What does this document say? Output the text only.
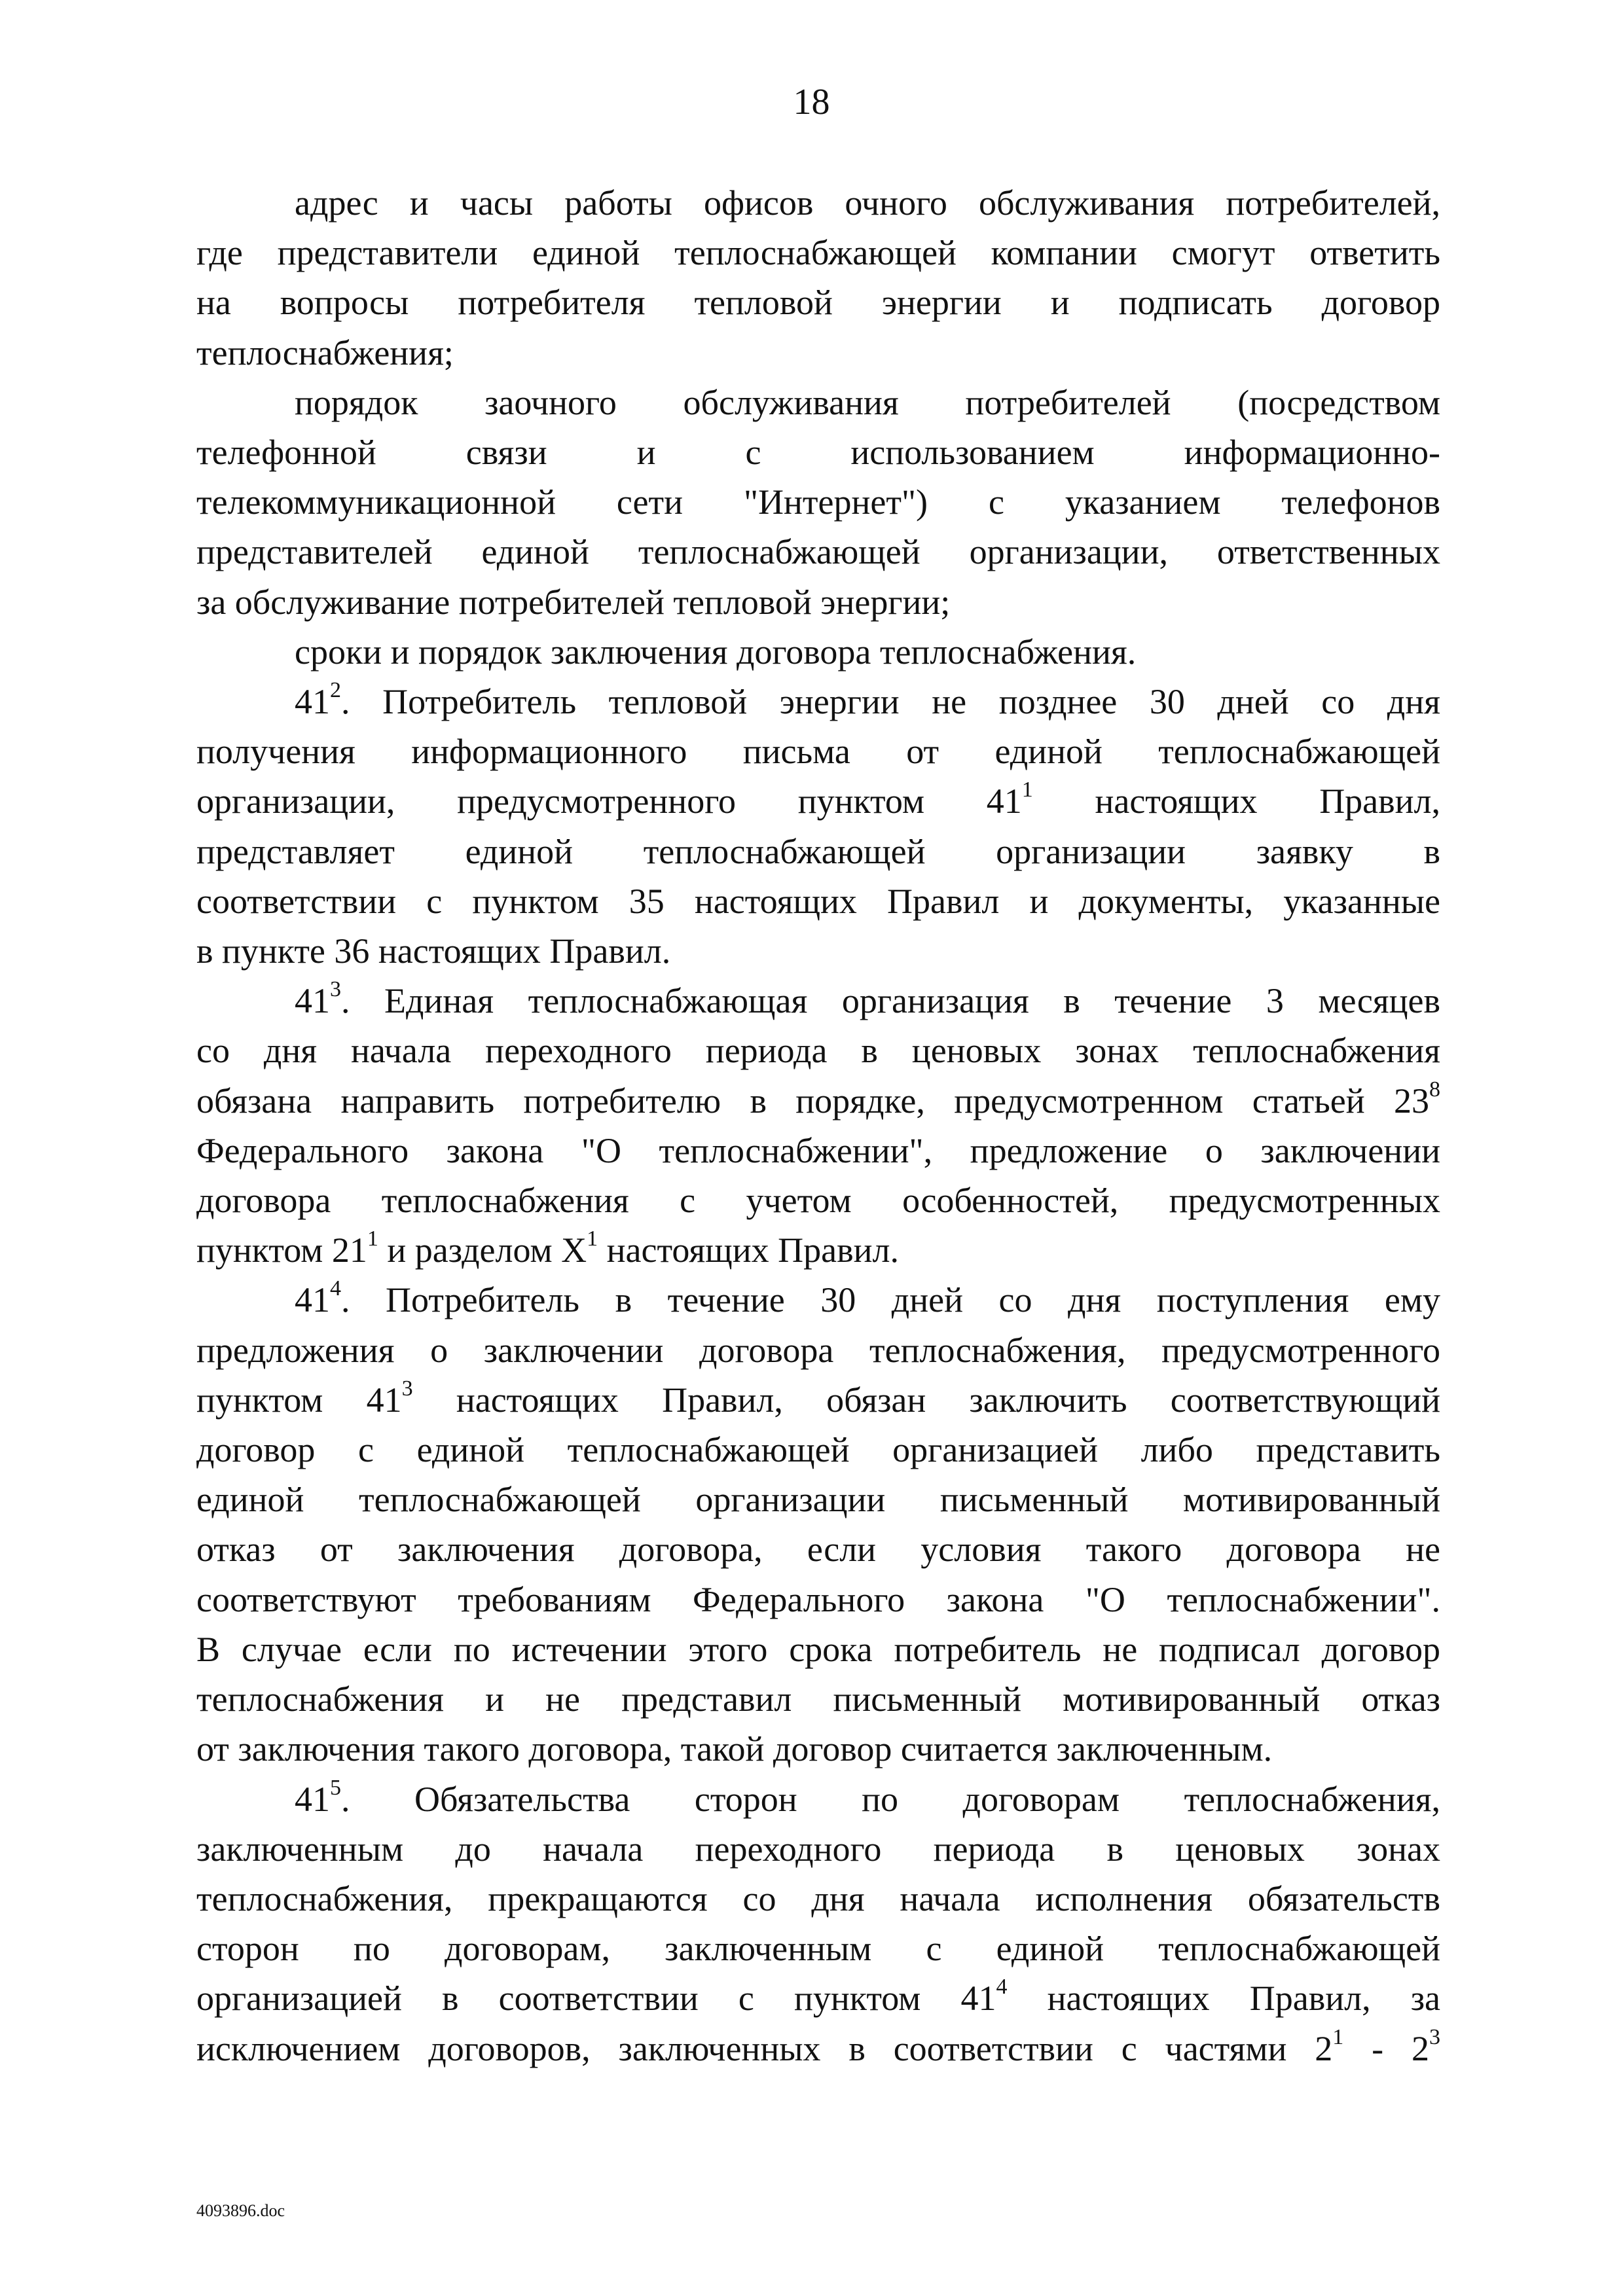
18
адрес и часы работы офисов очного обслуживания потребителей,
где представители единой теплоснабжающей компании смогут ответить
на вопросы потребителя тепловой энергии и подписать договор
теплоснабжения;
порядок заочного обслуживания потребителей (посредством
телефонной связи и с использованием информационно-
телекоммуникационной сети "Интернет") с указанием телефонов
представителей единой теплоснабжающей организации, ответственных
за обслуживание потребителей тепловой энергии;
сроки и порядок заключения договора теплоснабжения.
$41^2$. Потребитель тепловой энергии не позднее 30 дней со дня
получения информационного письма от единой теплоснабжающей
организации, предусмотренного пунктом $41^1$ настоящих Правил,
представляет единой теплоснабжающей организации заявку в
соответствии с пунктом 35 настоящих Правил и документы, указанные
в пункте 36 настоящих Правил.
$41^3$. Единая теплоснабжающая организация в течение 3 месяцев
со дня начала переходного периода в ценовых зонах теплоснабжения
обязана направить потребителю в порядке, предусмотренном статьей $23^8$
Федерального закона "О теплоснабжении", предложение о заключении
договора теплоснабжения с учетом особенностей, предусмотренных
пунктом $21^1$ и разделом $X^1$ настоящих Правил.
$41^4$. Потребитель в течение 30 дней со дня поступления ему
предложения о заключении договора теплоснабжения, предусмотренного
пунктом $41^3$ настоящих Правил, обязан заключить соответствующий
договор с единой теплоснабжающей организацией либо представить
единой теплоснабжающей организации письменный мотивированный
отказ от заключения договора, если условия такого договора не
соответствуют требованиям Федерального закона "О теплоснабжении".
В случае если по истечении этого срока потребитель не подписал договор
теплоснабжения и не представил письменный мотивированный отказ
от заключения такого договора, такой договор считается заключенным.
$41^5$. Обязательства сторон по договорам теплоснабжения,
заключенным до начала переходного периода в ценовых зонах
теплоснабжения, прекращаются со дня начала исполнения обязательств
сторон по договорам, заключенным с единой теплоснабжающей
организацией в соответствии с пунктом $41^4$ настоящих Правил, за
исключением договоров, заключенных в соответствии с частями $2^1 - 2^3$
4093896.doc
